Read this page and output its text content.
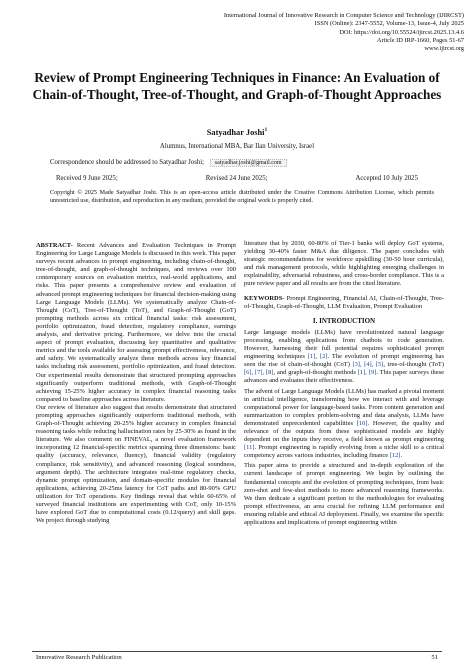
International Journal of Innovative Research in Computer Science and Technology (IJIRCST)
ISSN (Online): 2347-5552, Volume-13, Issue-4, July 2025
DOI: https://doi.org/10.55524/ijircst.2025.13.4.6
Article ID IRP-1660, Pages 51-67
www.ijircst.org
Review of Prompt Engineering Techniques in Finance: An Evaluation of Chain-of-Thought, Tree-of-Thought, and Graph-of-Thought Approaches
Satyadhar Joshi$^1$
Alumnus, International MBA, Bar Ilan University, Israel
Correspondence should be addressed to Satyadhar Joshi; satyadhar.joshi@gmail.com
Received 9 June 2025;	Revised 24 June 2025;	Accepted 10 July 2025
Copyright © 2025 Made Satyadhar Joshi. This is an open-access article distributed under the Creative Commons Attribution License, which permits unrestricted use, distribution, and reproduction in any medium, provided the original work is properly cited.

ABSTRACT- Recent Advances and Evaluation Techniques in Prompt Engineering for Large Language Models is discussed in this work. This paper surveys recent advances in prompt engineering, including chain-of-thought, tree-of-thought, and graph-of-thought techniques, and reviews over 100 contemporary sources on evaluation metrics, real-world applications, and risks. This paper presents a comprehensive review and evaluation of advanced prompt engineering techniques for financial decision-making using Large Language Models (LLMs). We systematically analyze Chain-of-Thought (CoT), Tree-of-Thought (ToT), and Graph-of-Thought (GoT) prompting methods across six critical financial tasks: risk assessment, portfolio optimization, fraud detection, regulatory compliance, earnings analysis, and derivative pricing. Furthermore, we delve into the crucial aspect of prompt evaluation, discussing key quantitative and qualitative metrics and the tools available for assessing prompt effectiveness, relevance, and safety. We systematically analyze these methods across key financial tasks including risk assessment, portfolio optimization, and fraud detection. Our experimental results demonstrate that structured prompting approaches significantly outperform traditional methods, with Graph-of-Thought achieving 15-25% higher accuracy in complex financial reasoning tasks compared to baseline approaches across literature.

Our review of literature also suggest that results demonstrate that structured prompting approaches significantly outperform traditional methods, with Graph-of-Thought achieving 20-25% higher accuracy in complex financial reasoning tasks while reducing hallucination rates by 25-30% as found in the literature. We also comment on FINEVAL, a novel evaluation framework incorporating 12 financial-specific metrics spanning three dimensions: basic quality (accuracy, relevance, fluency), financial validity (regulatory compliance, risk sensitivity), and advanced reasoning (logical soundness, argument depth). The architecture integrates real-time regulatory checks, dynamic prompt optimization, and domain-specific modules for financial applications, achieving 20-25ms latency for CoT paths and 80-90% GPU utilization for ToT operations. Key findings reveal that while 60-65% of surveyed financial institutions are experimenting with CoT, only 10-15% have explored GoT due to computational costs (0.12/query) and skill gaps. We project through studying

literature that by 2030, 60-80% of Tier-1 banks will deploy GoT systems, yielding 30-40% faster M&A due diligence. The paper concludes with strategic recommendations for workforce upskilling (30-50 hour curricula), and risk management protocols, while highlighting emerging challenges in explainability, adversarial robustness, and cross-border compliance. This is a pure review paper and all results are from the cited literature.

KEYWORDS- Prompt Engineering, Financial AI, Chain-of-Thought, Tree-of-Thought, Graph-of-Thought, LLM Evaluation, Prompt Evaluation

I. INTRODUCTION

Large language models (LLMs) have revolutionized natural language processing, enabling applications from chatbots to code generation. However, harnessing their full potential requires sophisticated prompt engineering techniques [1], [2]. The evolution of prompt engineering has seen the rise of chain-of-thought (CoT) [3], [4], [5], tree-of-thought (ToT) [6], [7], [8], and graph-of-thought methods [1], [9]. This paper surveys these advances and evaluates their effectiveness.

The advent of Large Language Models (LLMs) has marked a pivotal moment in artificial intelligence, transforming how we interact with and leverage computational power for language-based tasks. From content generation and summarization to complex problem-solving and data analysis, LLMs have demonstrated unprecedented capabilities [10]. However, the quality and relevance of the outputs from these sophisticated models are highly dependent on the inputs they receive, a field known as prompt engineering [11]. Prompt engineering is rapidly evolving from a niche skill to a critical competency across various industries, including finance [12].

This paper aims to provide a structured and in-depth exploration of the current landscape of prompt engineering. We begin by outlining the fundamental concepts and the evolution of prompting techniques, from basic zero-shot and few-shot methods to more advanced reasoning frameworks. We then dedicate a significant portion to the methodologies for evaluating prompt effectiveness, an area crucial for refining LLM performance and ensuring reliable and ethical AI deployment. Finally, we examine the specific applications and implications of prompt engineering within

Innovative Research Publication	51
